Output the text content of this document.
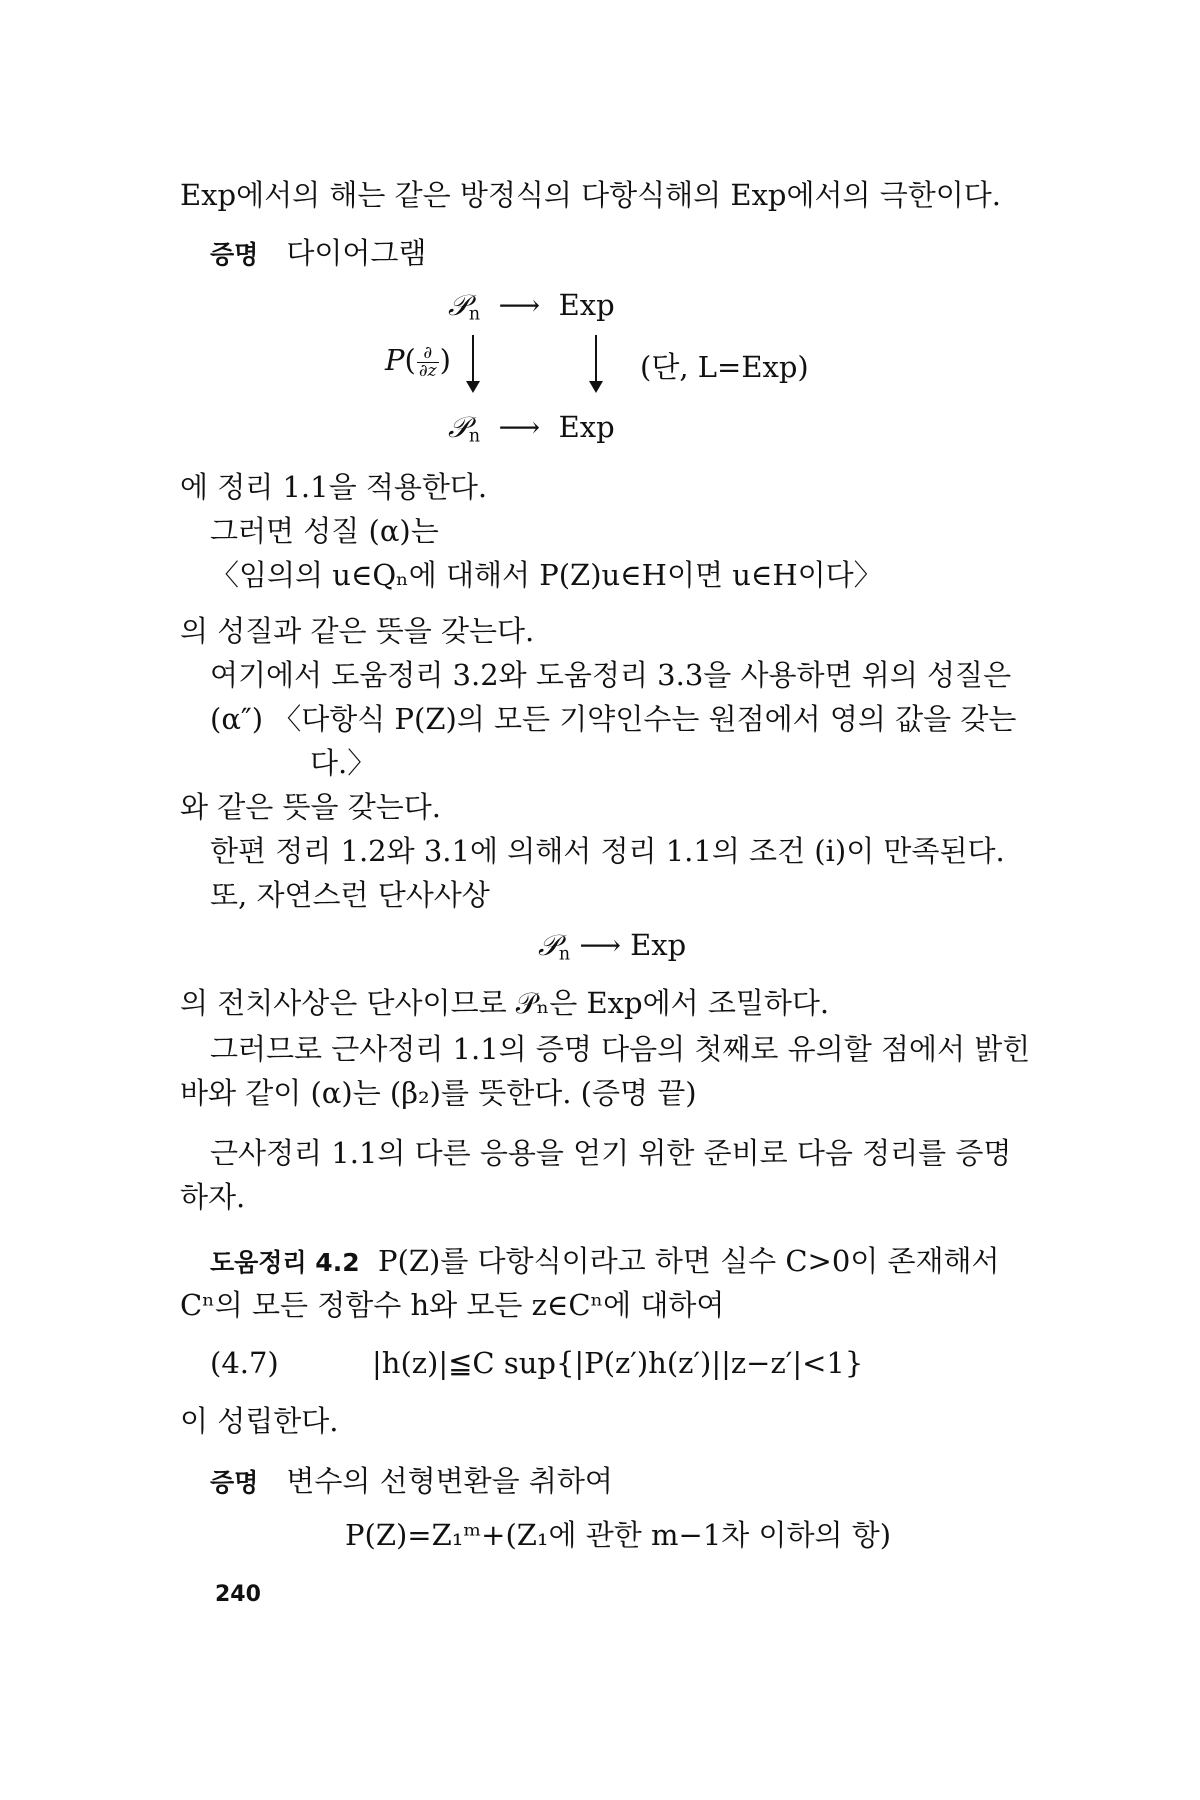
Exp에서의 해는 같은 방정식의 다항식해의 Exp에서의 극한이다.
증명 다이어그램
𝒫$_n$  ⟶  Exp
$P( \frac{\partial}{\partial z}$ )	(단, L=Exp)
𝒫$_n$  ⟶  Exp
에 정리 1.1을 적용한다.
그러면 성질 (α)는
〈임의의 u∈Qₙ에 대해서 P(Z)u∈H이면 u∈H이다〉
의 성질과 같은 뜻을 갖는다.
여기에서 도움정리 3.2와 도움정리 3.3을 사용하면 위의 성질은
(α″) 〈다항식 P(Z)의 모든 기약인수는 원점에서 영의 값을 갖는
다.〉
와 같은 뜻을 갖는다.
한편 정리 1.2와 3.1에 의해서 정리 1.1의 조건 (i)이 만족된다.
또, 자연스런 단사사상
𝒫$_n$ ⟶ Exp
의 전치사상은 단사이므로 𝒫ₙ은 Exp에서 조밀하다.
그러므로 근사정리 1.1의 증명 다음의 첫째로 유의할 점에서 밝힌
바와 같이 (α)는 (β₂)를 뜻한다. (증명 끝)
근사정리 1.1의 다른 응용을 얻기 위한 준비로 다음 정리를 증명
하자.
도움정리 4.2 P(Z)를 다항식이라고 하면 실수 C>0이 존재해서
Cⁿ의 모든 정함수 h와 모든 z∈Cⁿ에 대하여
(4.7)	|h(z)|≦C sup{|P(z′)h(z′)||z−z′|<1}
이 성립한다.
증명 변수의 선형변환을 취하여
P(Z)=Z₁ᵐ+(Z₁에 관한 m−1차 이하의 항)
240
